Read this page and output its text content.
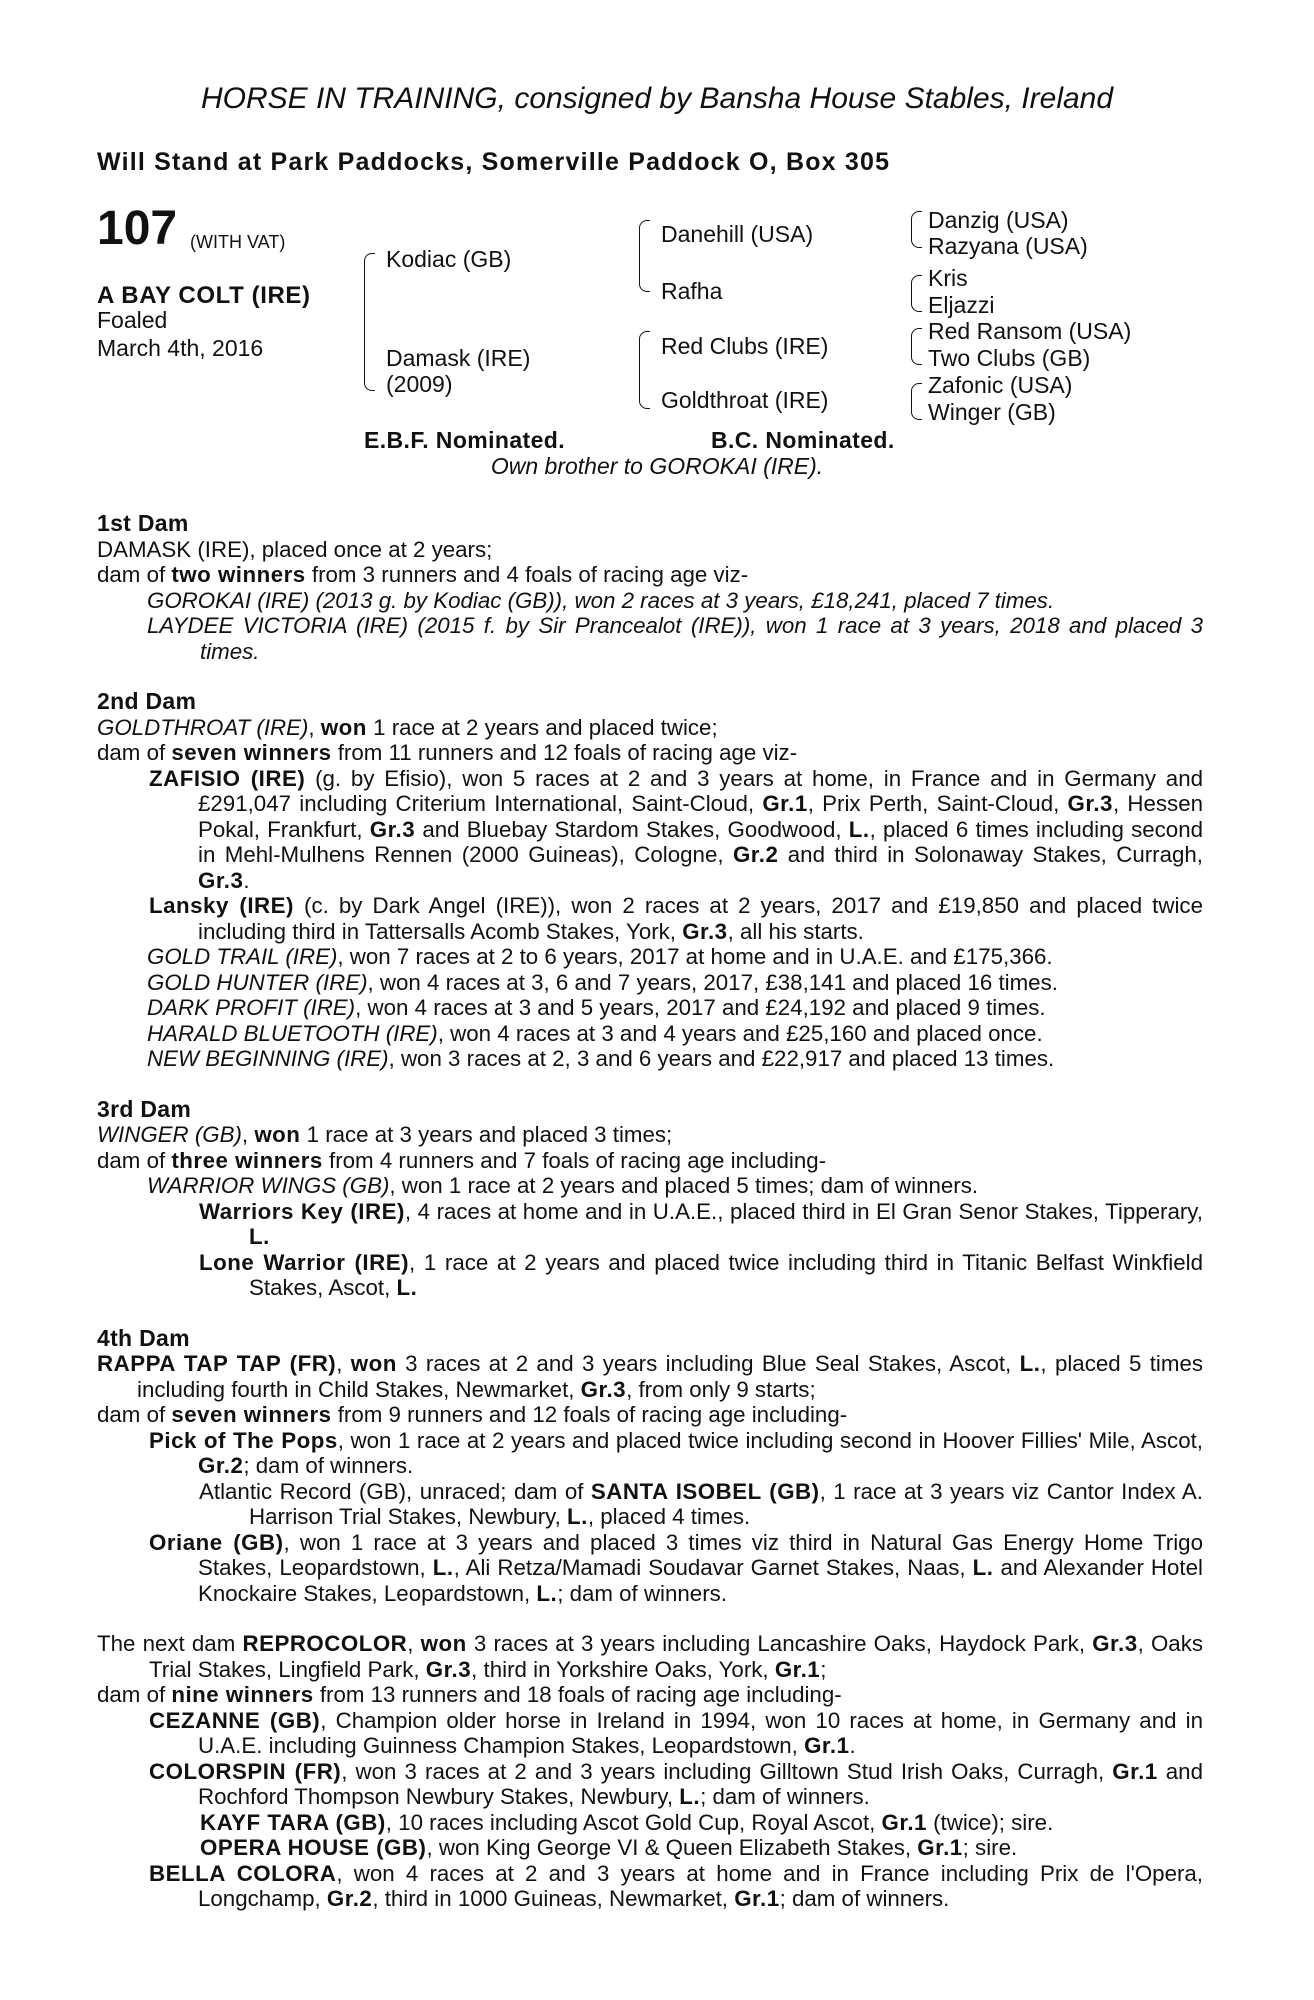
HORSE IN TRAINING, consigned by Bansha House Stables, Ireland
Will Stand at Park Paddocks, Somerville Paddock O, Box 305
107 (WITH VAT)
A BAY COLT (IRE)
Foaled
March 4th, 2016
Kodiac (GB)
Damask (IRE)
(2009)
Danehill (USA)
Rafha
Red Clubs (IRE)
Goldthroat (IRE)
Danzig (USA)
Razyana (USA)
Kris
Eljazzi
Red Ransom (USA)
Two Clubs (GB)
Zafonic (USA)
Winger (GB)
E.B.F. Nominated.	B.C. Nominated.
Own brother to GOROKAI (IRE).
1st Dam
DAMASK (IRE), placed once at 2 years;
dam of two winners from 3 runners and 4 foals of racing age viz-
GOROKAI (IRE) (2013 g. by Kodiac (GB)), won 2 races at 3 years, £18,241, placed 7 times.
LAYDEE VICTORIA (IRE) (2015 f. by Sir Prancealot (IRE)), won 1 race at 3 years, 2018 and placed 3 times.
2nd Dam
GOLDTHROAT (IRE), won 1 race at 2 years and placed twice;
dam of seven winners from 11 runners and 12 foals of racing age viz-
ZAFISIO (IRE) (g. by Efisio), won 5 races at 2 and 3 years at home, in France and in Germany and £291,047 including Criterium International, Saint-Cloud, Gr.1, Prix Perth, Saint-Cloud, Gr.3, Hessen Pokal, Frankfurt, Gr.3 and Bluebay Stardom Stakes, Goodwood, L., placed 6 times including second in Mehl-Mulhens Rennen (2000 Guineas), Cologne, Gr.2 and third in Solonaway Stakes, Curragh, Gr.3.
Lansky (IRE) (c. by Dark Angel (IRE)), won 2 races at 2 years, 2017 and £19,850 and placed twice including third in Tattersalls Acomb Stakes, York, Gr.3, all his starts.
GOLD TRAIL (IRE), won 7 races at 2 to 6 years, 2017 at home and in U.A.E. and £175,366.
GOLD HUNTER (IRE), won 4 races at 3, 6 and 7 years, 2017, £38,141 and placed 16 times.
DARK PROFIT (IRE), won 4 races at 3 and 5 years, 2017 and £24,192 and placed 9 times.
HARALD BLUETOOTH (IRE), won 4 races at 3 and 4 years and £25,160 and placed once.
NEW BEGINNING (IRE), won 3 races at 2, 3 and 6 years and £22,917 and placed 13 times.
3rd Dam
WINGER (GB), won 1 race at 3 years and placed 3 times;
dam of three winners from 4 runners and 7 foals of racing age including-
WARRIOR WINGS (GB), won 1 race at 2 years and placed 5 times; dam of winners.
Warriors Key (IRE), 4 races at home and in U.A.E., placed third in El Gran Senor Stakes, Tipperary, L.
Lone Warrior (IRE), 1 race at 2 years and placed twice including third in Titanic Belfast Winkfield Stakes, Ascot, L.
4th Dam
RAPPA TAP TAP (FR), won 3 races at 2 and 3 years including Blue Seal Stakes, Ascot, L., placed 5 times including fourth in Child Stakes, Newmarket, Gr.3, from only 9 starts;
dam of seven winners from 9 runners and 12 foals of racing age including-
Pick of The Pops, won 1 race at 2 years and placed twice including second in Hoover Fillies' Mile, Ascot, Gr.2; dam of winners.
Atlantic Record (GB), unraced; dam of SANTA ISOBEL (GB), 1 race at 3 years viz Cantor Index A. Harrison Trial Stakes, Newbury, L., placed 4 times.
Oriane (GB), won 1 race at 3 years and placed 3 times viz third in Natural Gas Energy Home Trigo Stakes, Leopardstown, L., Ali Retza/Mamadi Soudavar Garnet Stakes, Naas, L. and Alexander Hotel Knockaire Stakes, Leopardstown, L.; dam of winners.
The next dam REPROCOLOR, won 3 races at 3 years including Lancashire Oaks, Haydock Park, Gr.3, Oaks Trial Stakes, Lingfield Park, Gr.3, third in Yorkshire Oaks, York, Gr.1;
dam of nine winners from 13 runners and 18 foals of racing age including-
CEZANNE (GB), Champion older horse in Ireland in 1994, won 10 races at home, in Germany and in U.A.E. including Guinness Champion Stakes, Leopardstown, Gr.1.
COLORSPIN (FR), won 3 races at 2 and 3 years including Gilltown Stud Irish Oaks, Curragh, Gr.1 and Rochford Thompson Newbury Stakes, Newbury, L.; dam of winners.
KAYF TARA (GB), 10 races including Ascot Gold Cup, Royal Ascot, Gr.1 (twice); sire.
OPERA HOUSE (GB), won King George VI & Queen Elizabeth Stakes, Gr.1; sire.
BELLA COLORA, won 4 races at 2 and 3 years at home and in France including Prix de l'Opera, Longchamp, Gr.2, third in 1000 Guineas, Newmarket, Gr.1; dam of winners.
